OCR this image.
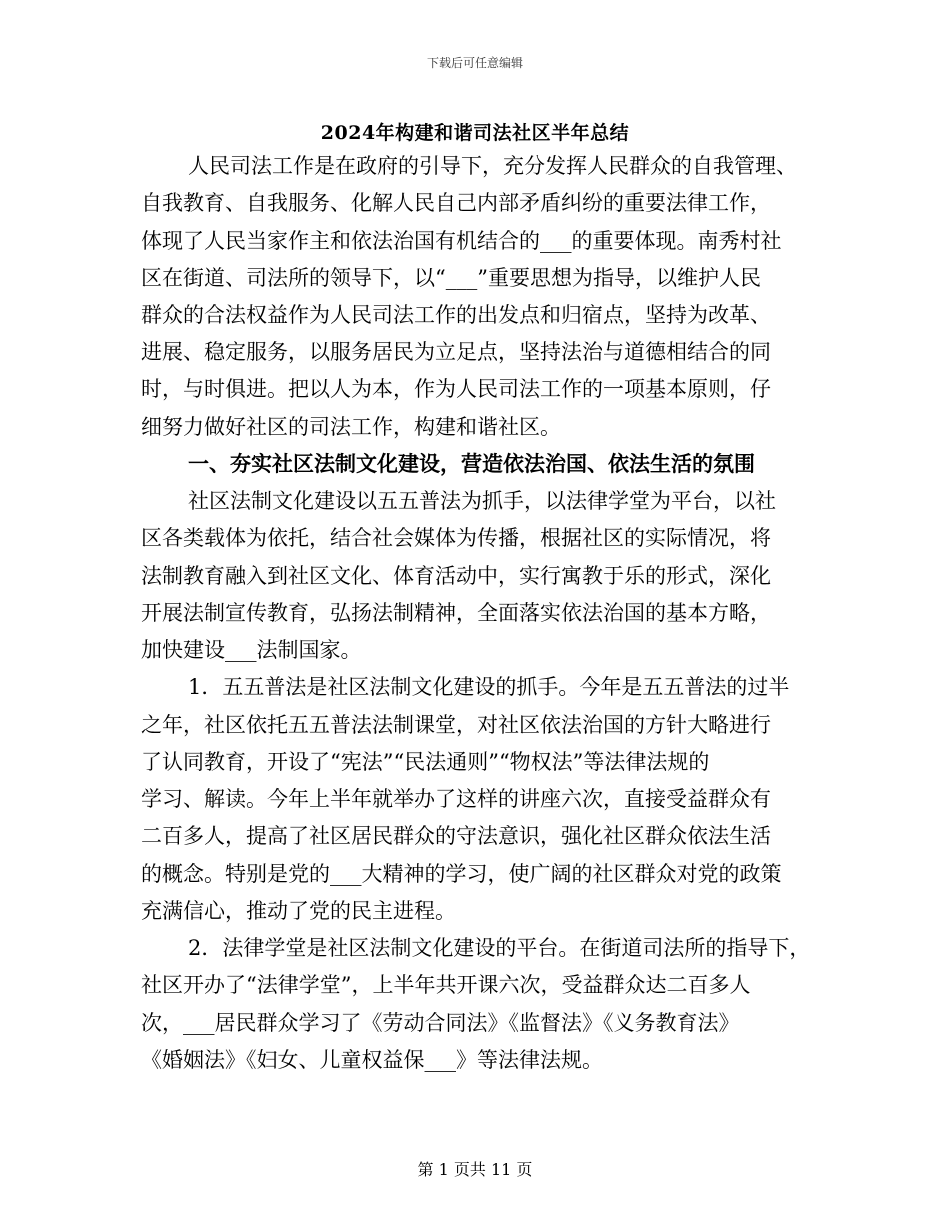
下载后可任意编辑
2024年构建和谐司法社区半年总结
人民司法工作是在政府的引导下，充分发挥人民群众的自我管理、
自我教育、自我服务、化解人民自己内部矛盾纠纷的重要法律工作，
体现了人民当家作主和依法治国有机结合的___的重要体现。南秀村社
区在街道、司法所的领导下，以“___”重要思想为指导，以维护人民
群众的合法权益作为人民司法工作的出发点和归宿点，坚持为改革、
进展、稳定服务，以服务居民为立足点，坚持法治与道德相结合的同
时，与时俱进。把以人为本，作为人民司法工作的一项基本原则，仔
细努力做好社区的司法工作，构建和谐社区。
一、夯实社区法制文化建设，营造依法治国、依法生活的氛围
社区法制文化建设以五五普法为抓手，以法律学堂为平台，以社
区各类载体为依托，结合社会媒体为传播，根据社区的实际情况，将
法制教育融入到社区文化、体育活动中，实行寓教于乐的形式，深化
开展法制宣传教育，弘扬法制精神，全面落实依法治国的基本方略，
加快建设___法制国家。
1．五五普法是社区法制文化建设的抓手。今年是五五普法的过半
之年，社区依托五五普法法制课堂，对社区依法治国的方针大略进行
了认同教育，开设了“宪法”“民法通则”“物权法”等法律法规的
学习、解读。今年上半年就举办了这样的讲座六次，直接受益群众有
二百多人，提高了社区居民群众的守法意识，强化社区群众依法生活
的概念。特别是党的___大精神的学习，使广阔的社区群众对党的政策
充满信心，推动了党的民主进程。
2．法律学堂是社区法制文化建设的平台。在街道司法所的指导下，
社区开办了“法律学堂”，上半年共开课六次，受益群众达二百多人
次，___居民群众学习了《劳动合同法》《监督法》《义务教育法》
《婚姻法》《妇女、儿童权益保___》等法律法规。
第 1 页共 11 页
